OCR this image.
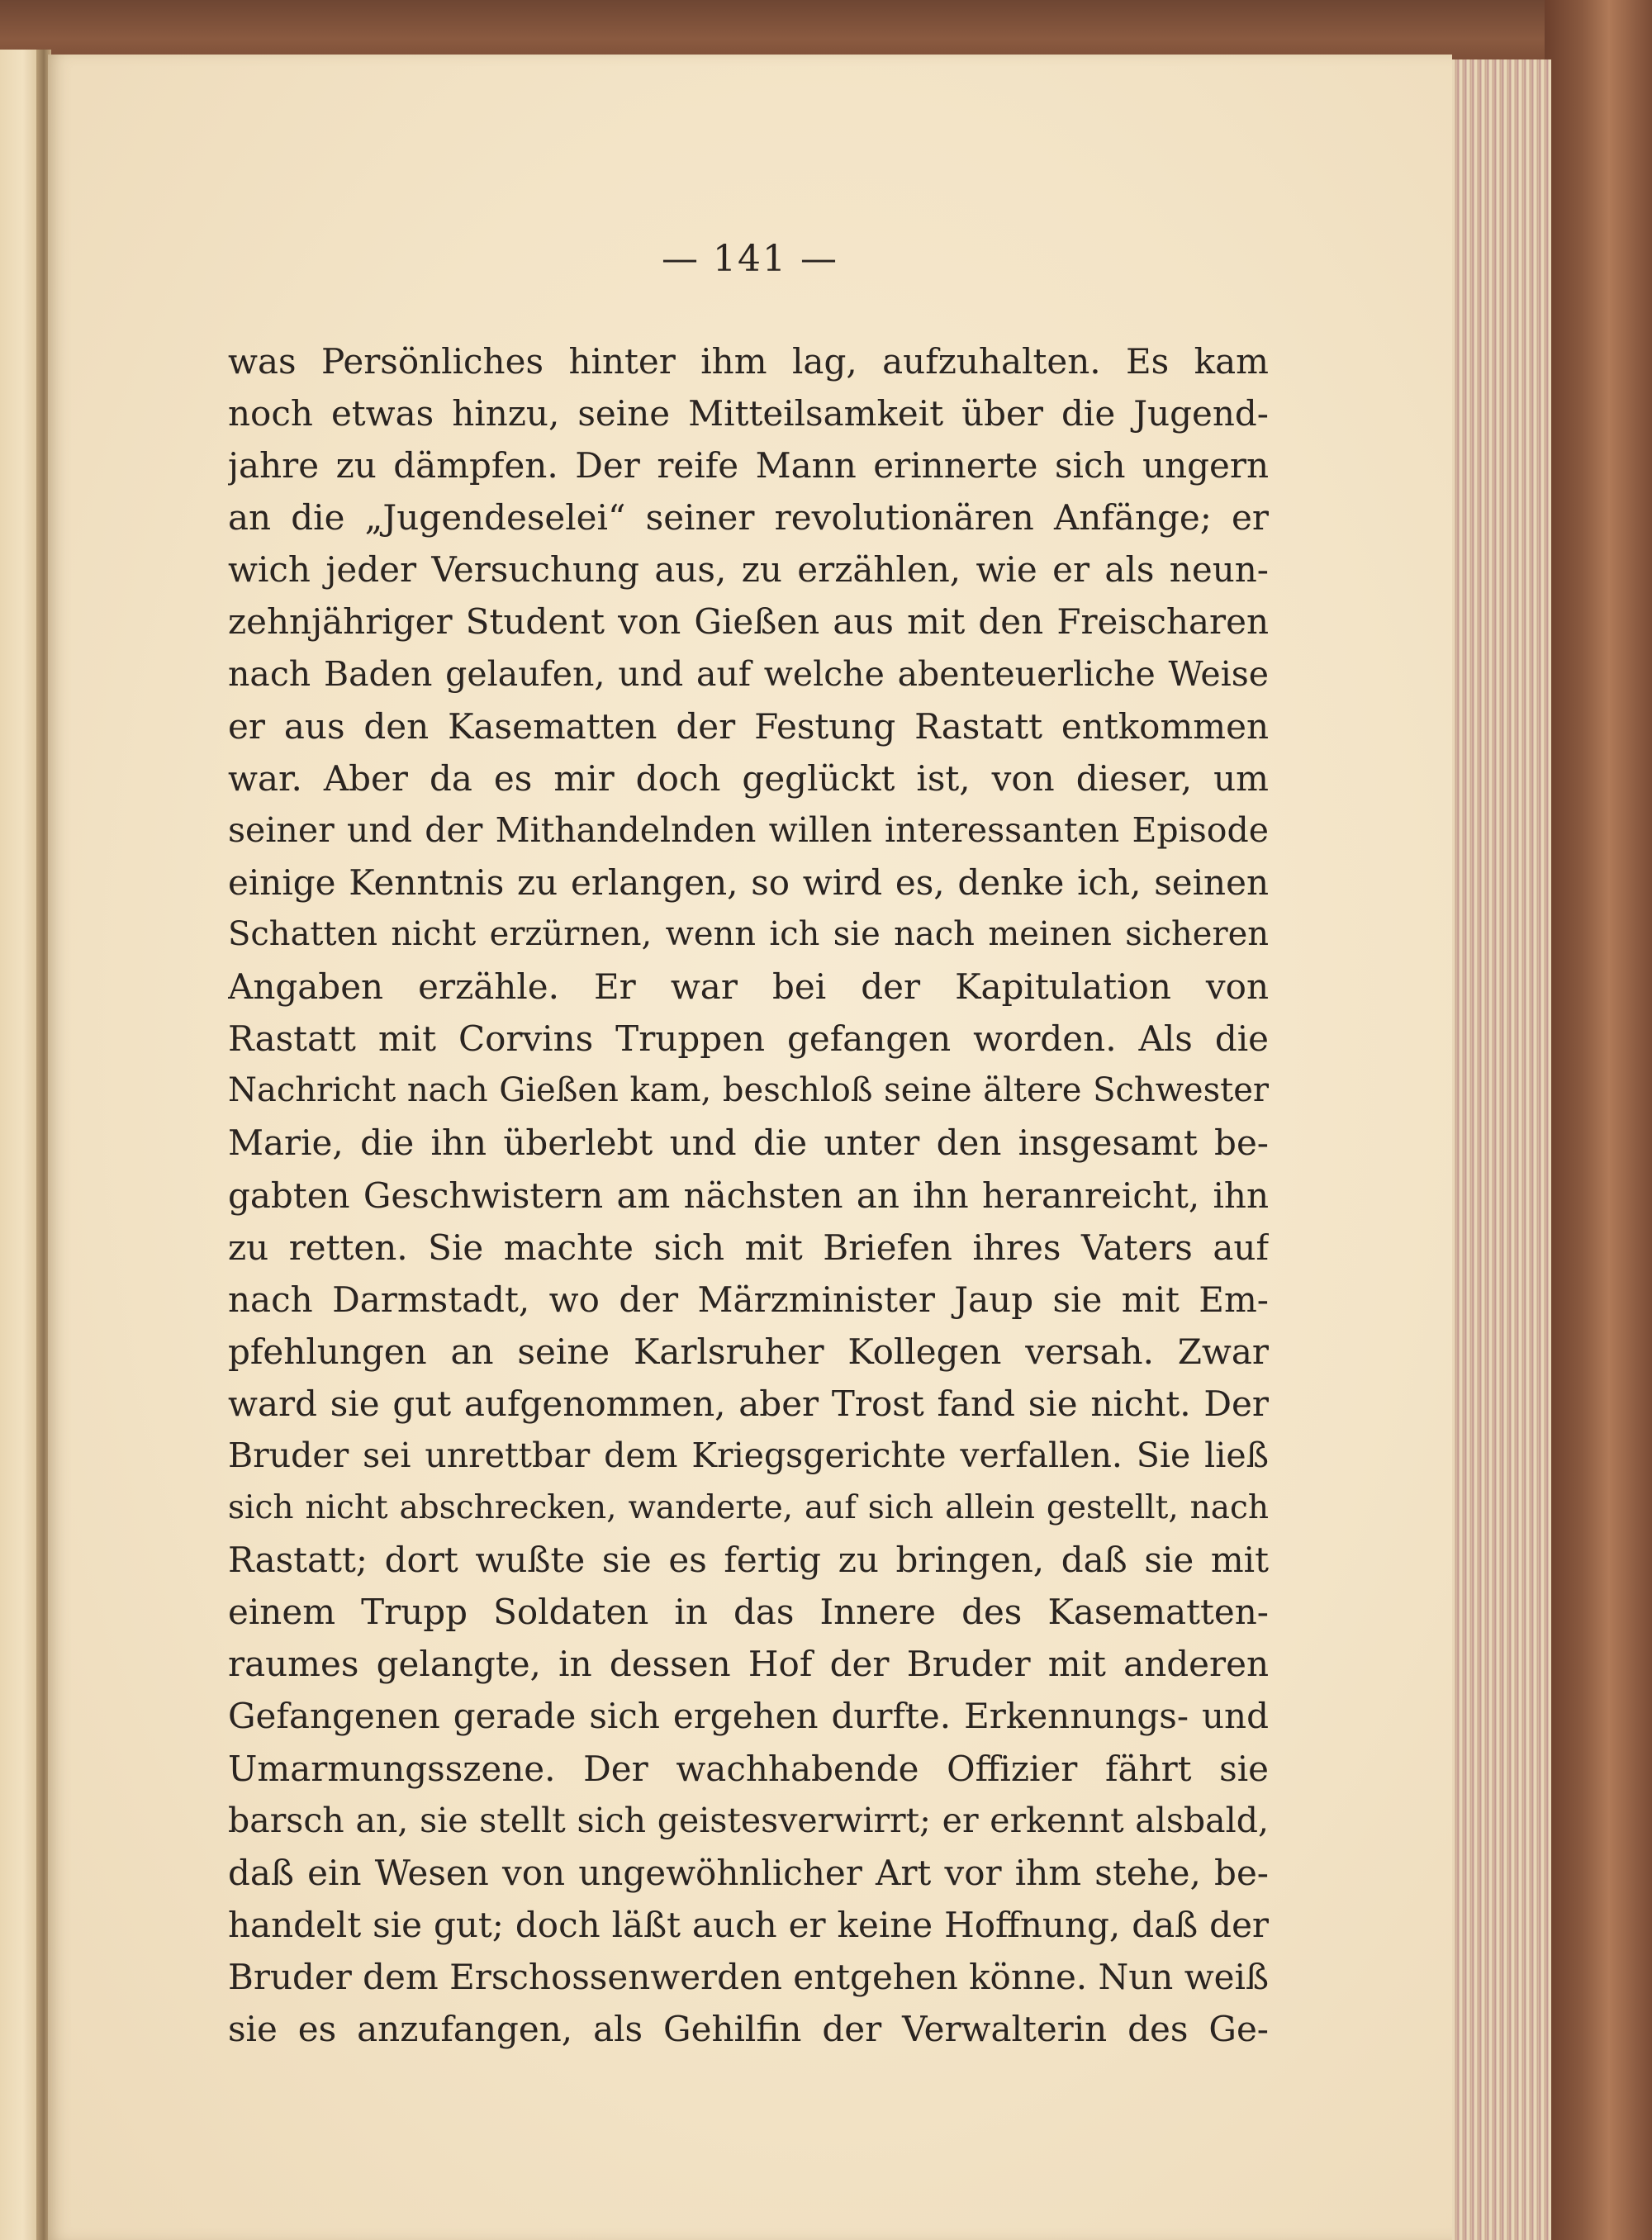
— 141 —
was Persönliches hinter ihm lag, aufzuhalten. Es kam
noch etwas hinzu, seine Mitteilsamkeit über die Jugend-
jahre zu dämpfen. Der reife Mann erinnerte sich ungern
an die „Jugendeselei“ seiner revolutionären Anfänge; er
wich jeder Versuchung aus, zu erzählen, wie er als neun-
zehnjähriger Student von Gießen aus mit den Freischaren
nach Baden gelaufen, und auf welche abenteuerliche Weise
er aus den Kasematten der Festung Rastatt entkommen
war. Aber da es mir doch geglückt ist, von dieser, um
seiner und der Mithandelnden willen interessanten Episode
einige Kenntnis zu erlangen, so wird es, denke ich, seinen
Schatten nicht erzürnen, wenn ich sie nach meinen sicheren
Angaben erzähle. Er war bei der Kapitulation von
Rastatt mit Corvins Truppen gefangen worden. Als die
Nachricht nach Gießen kam, beschloß seine ältere Schwester
Marie, die ihn überlebt und die unter den insgesamt be-
gabten Geschwistern am nächsten an ihn heranreicht, ihn
zu retten. Sie machte sich mit Briefen ihres Vaters auf
nach Darmstadt, wo der Märzminister Jaup sie mit Em-
pfehlungen an seine Karlsruher Kollegen versah. Zwar
ward sie gut aufgenommen, aber Trost fand sie nicht. Der
Bruder sei unrettbar dem Kriegsgerichte verfallen. Sie ließ
sich nicht abschrecken, wanderte, auf sich allein gestellt, nach
Rastatt; dort wußte sie es fertig zu bringen, daß sie mit
einem Trupp Soldaten in das Innere des Kasematten-
raumes gelangte, in dessen Hof der Bruder mit anderen
Gefangenen gerade sich ergehen durfte. Erkennungs- und
Umarmungsszene. Der wachhabende Offizier fährt sie
barsch an, sie stellt sich geistesverwirrt; er erkennt alsbald,
daß ein Wesen von ungewöhnlicher Art vor ihm stehe, be-
handelt sie gut; doch läßt auch er keine Hoffnung, daß der
Bruder dem Erschossenwerden entgehen könne. Nun weiß
sie es anzufangen, als Gehilfin der Verwalterin des Ge-
